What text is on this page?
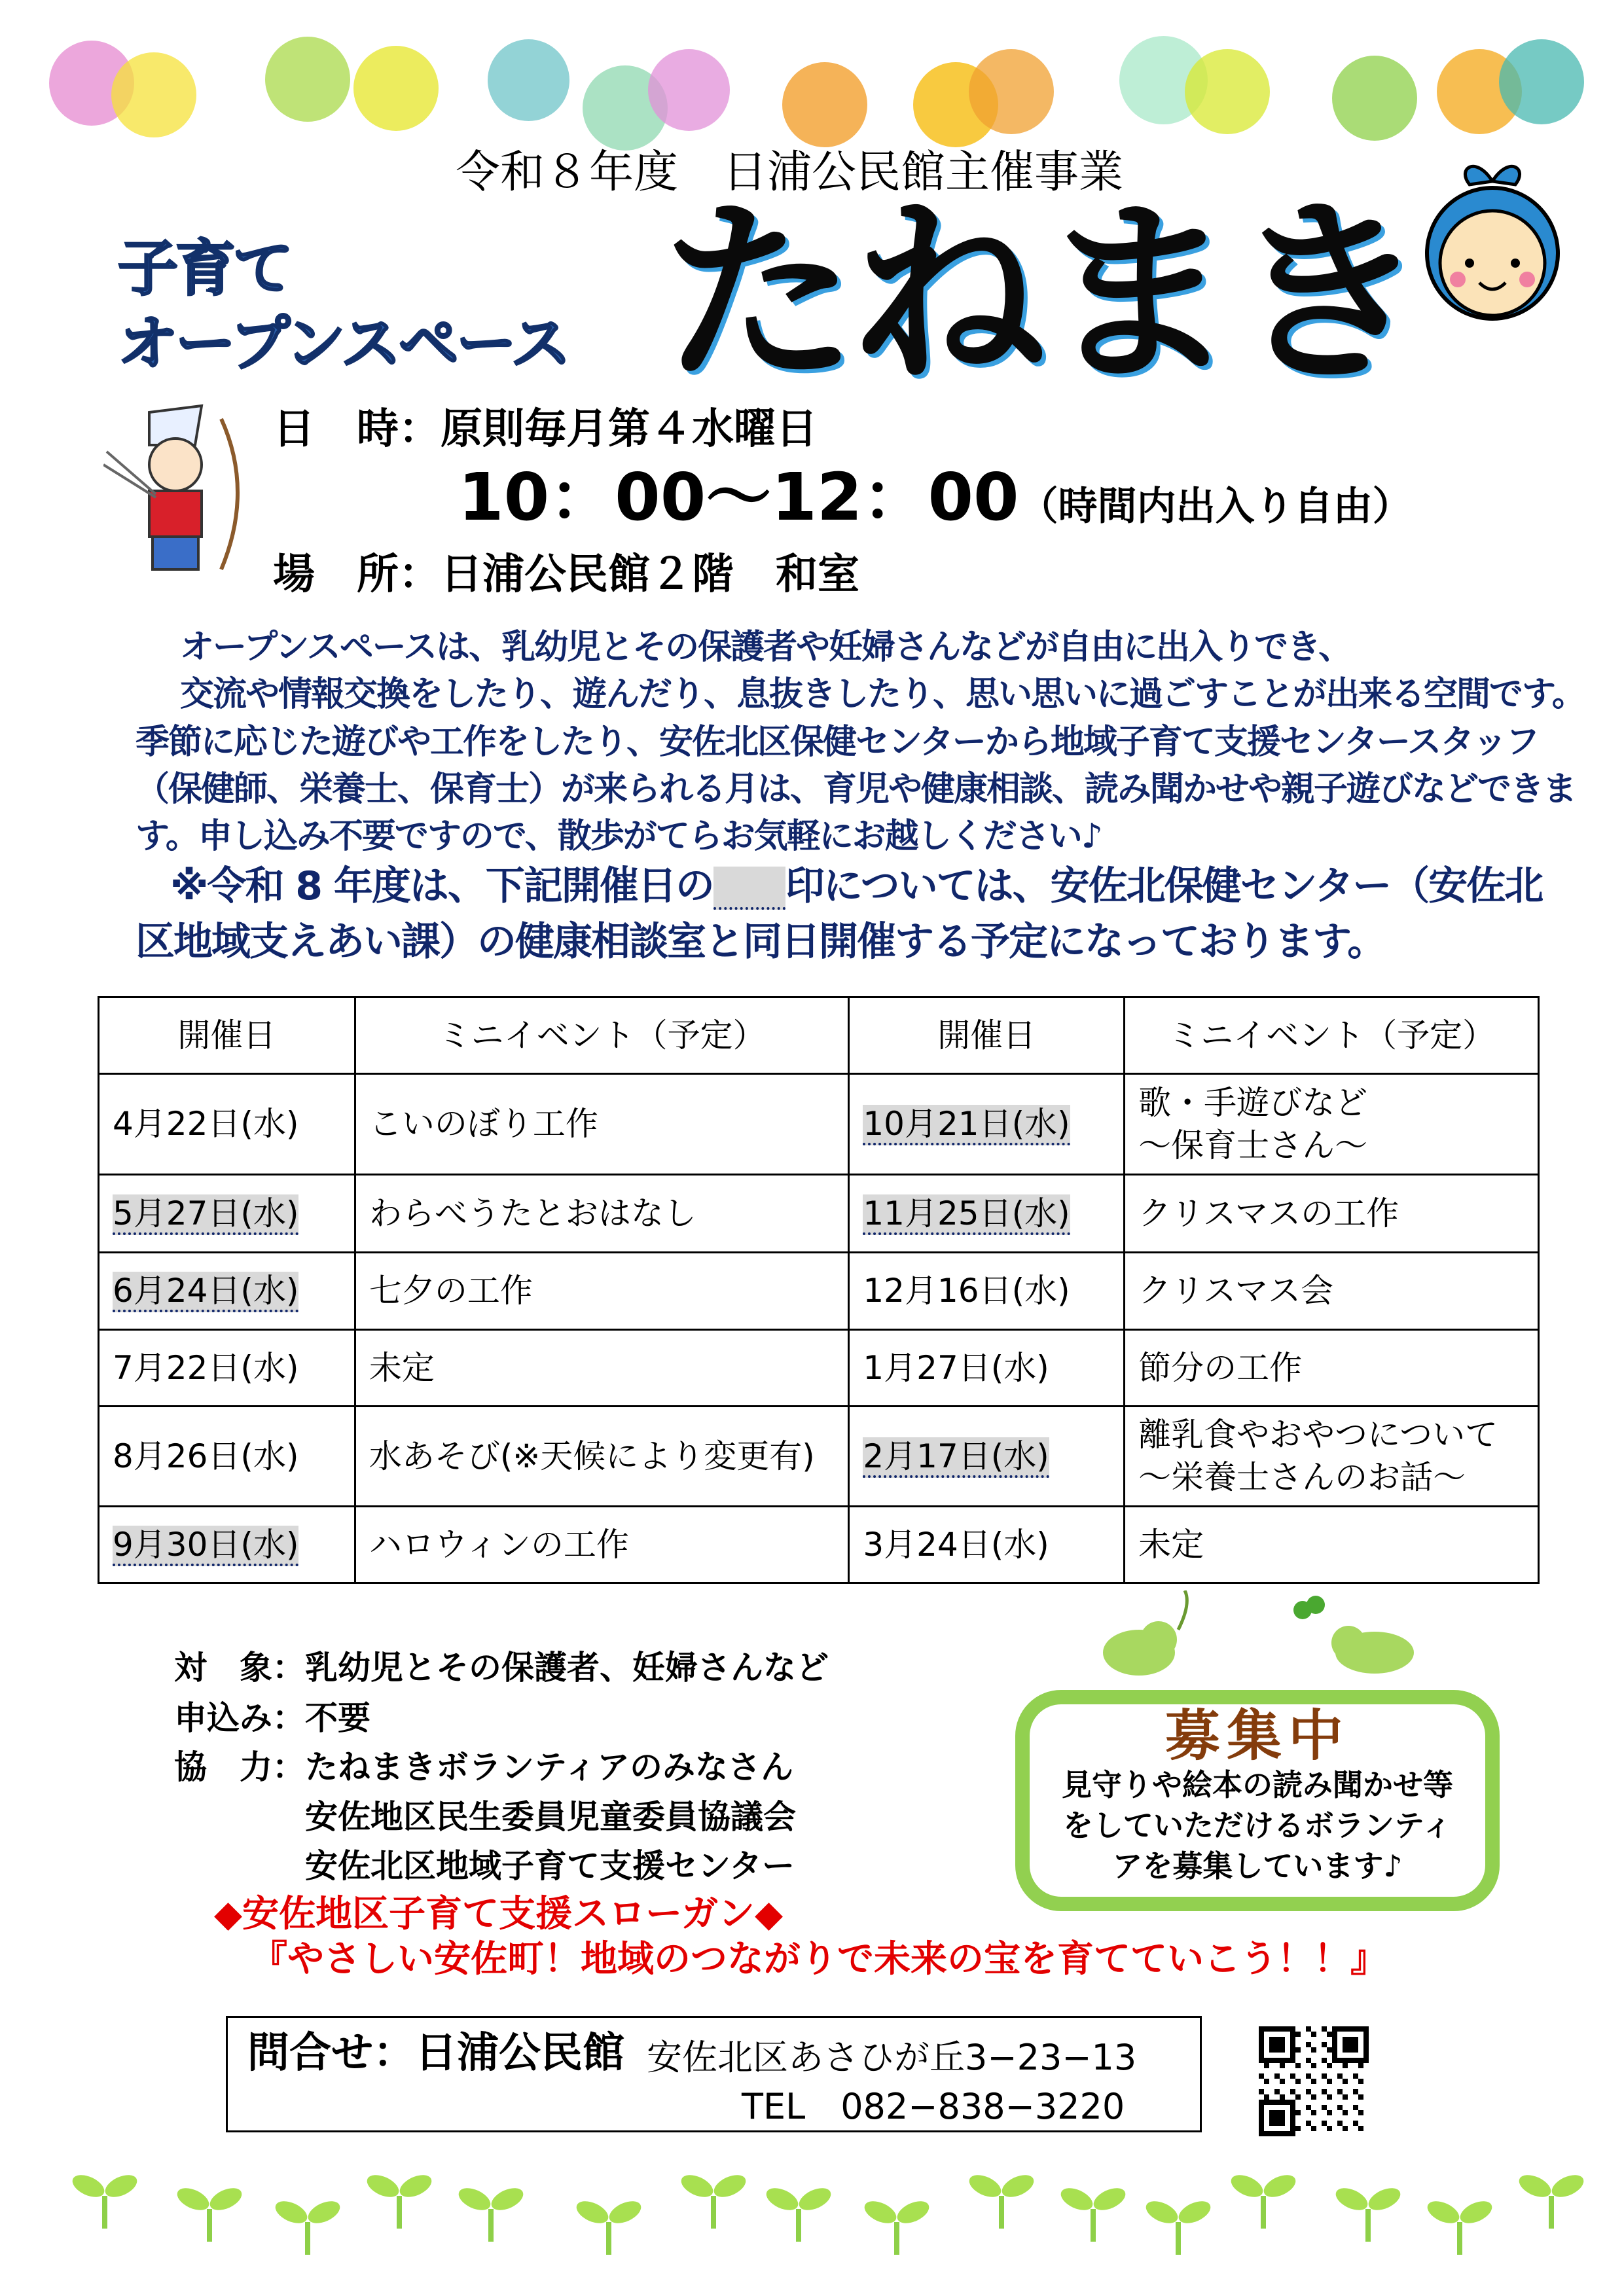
令和８年度　日浦公民館主催事業
子育て
オープンスペース たねまき
日　時：原則毎月第４水曜日
10：00〜12：00（時間内出入り自由）
場　所：日浦公民館２階　和室
オープンスペースは、乳幼児とその保護者や妊婦さんなどが自由に出入りでき、
交流や情報交換をしたり、遊んだり、息抜きしたり、思い思いに過ごすことが出来る空間です。
季節に応じた遊びや工作をしたり、安佐北区保健センターから地域子育て支援センタースタッフ
（保健師、栄養士、保育士）が来られる月は、育児や健康相談、読み聞かせや親子遊びなどできま
す。申し込み不要ですので、散歩がてらお気軽にお越しください♪
※令和 8 年度は、下記開催日の 印については、安佐北保健センター（安佐北
区地域支えあい課）の健康相談室と同日開催する予定になっております。
開催日	ミニイベント（予定）	開催日	ミニイベント（予定）
4月22日(水)	こいのぼり工作	10月21日(水)	歌・手遊びなど
～保育士さん～

5月27日(水)	わらべうたとおはなし	11月25日(水)	クリスマスの工作

6月24日(水)	七夕の工作	12月16日(水)	クリスマス会

7月22日(水)	未定	1月27日(水)	節分の工作

8月26日(水)	水あそび(※天候により変更有)	2月17日(水)	離乳食やおやつについて
～栄養士さんのお話～

9月30日(水)	ハロウィンの工作	3月24日(水)	未定
対　象：乳幼児とその保護者、妊婦さんなど
申込み：不要
協　力：たねまきボランティアのみなさん
　　　　安佐地区民生委員児童委員協議会
　　　　安佐北区地域子育て支援センター
◆安佐地区子育て支援スローガン◆
『やさしい安佐町！地域のつながりで未来の宝を育てていこう！！』
募集中
見守りや絵本の読み聞かせ等
をしていただけるボランティ
アを募集しています♪
問合せ：日浦公民館 安佐北区あさひが丘3−23−13
TEL　082−838−3220
